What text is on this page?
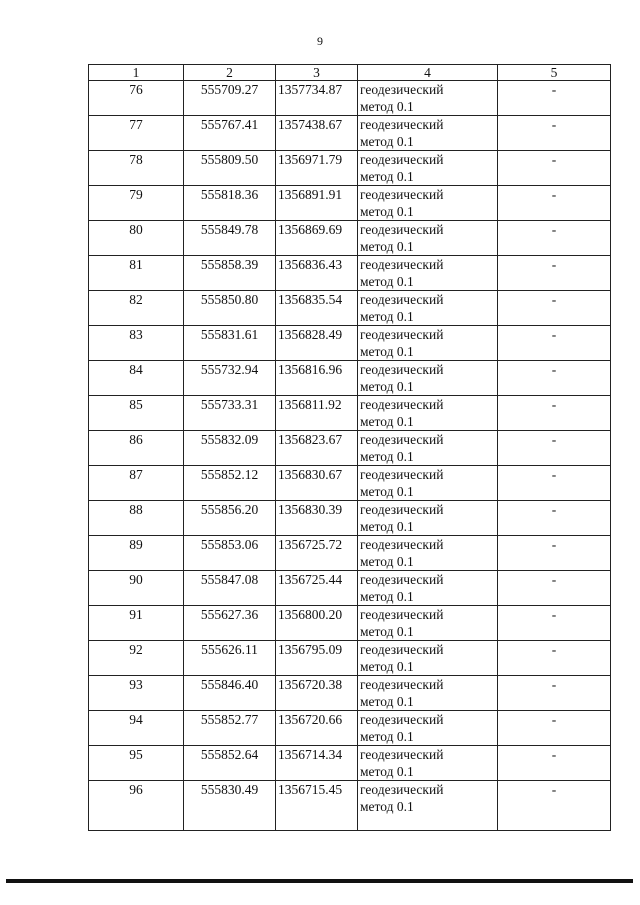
9
1	2	3	4	5
76	555709.27	1357734.87	геодезический
метод 0.1	-
77	555767.41	1357438.67	геодезический
метод 0.1	-
78	555809.50	1356971.79	геодезический
метод 0.1	-
79	555818.36	1356891.91	геодезический
метод 0.1	-
80	555849.78	1356869.69	геодезический
метод 0.1	-
81	555858.39	1356836.43	геодезический
метод 0.1	-
82	555850.80	1356835.54	геодезический
метод 0.1	-
83	555831.61	1356828.49	геодезический
метод 0.1	-
84	555732.94	1356816.96	геодезический
метод 0.1	-
85	555733.31	1356811.92	геодезический
метод 0.1	-
86	555832.09	1356823.67	геодезический
метод 0.1	-
87	555852.12	1356830.67	геодезический
метод 0.1	-
88	555856.20	1356830.39	геодезический
метод 0.1	-
89	555853.06	1356725.72	геодезический
метод 0.1	-
90	555847.08	1356725.44	геодезический
метод 0.1	-
91	555627.36	1356800.20	геодезический
метод 0.1	-
92	555626.11	1356795.09	геодезический
метод 0.1	-
93	555846.40	1356720.38	геодезический
метод 0.1	-
94	555852.77	1356720.66	геодезический
метод 0.1	-
95	555852.64	1356714.34	геодезический
метод 0.1	-
96	555830.49	1356715.45	геодезический
метод 0.1	-
